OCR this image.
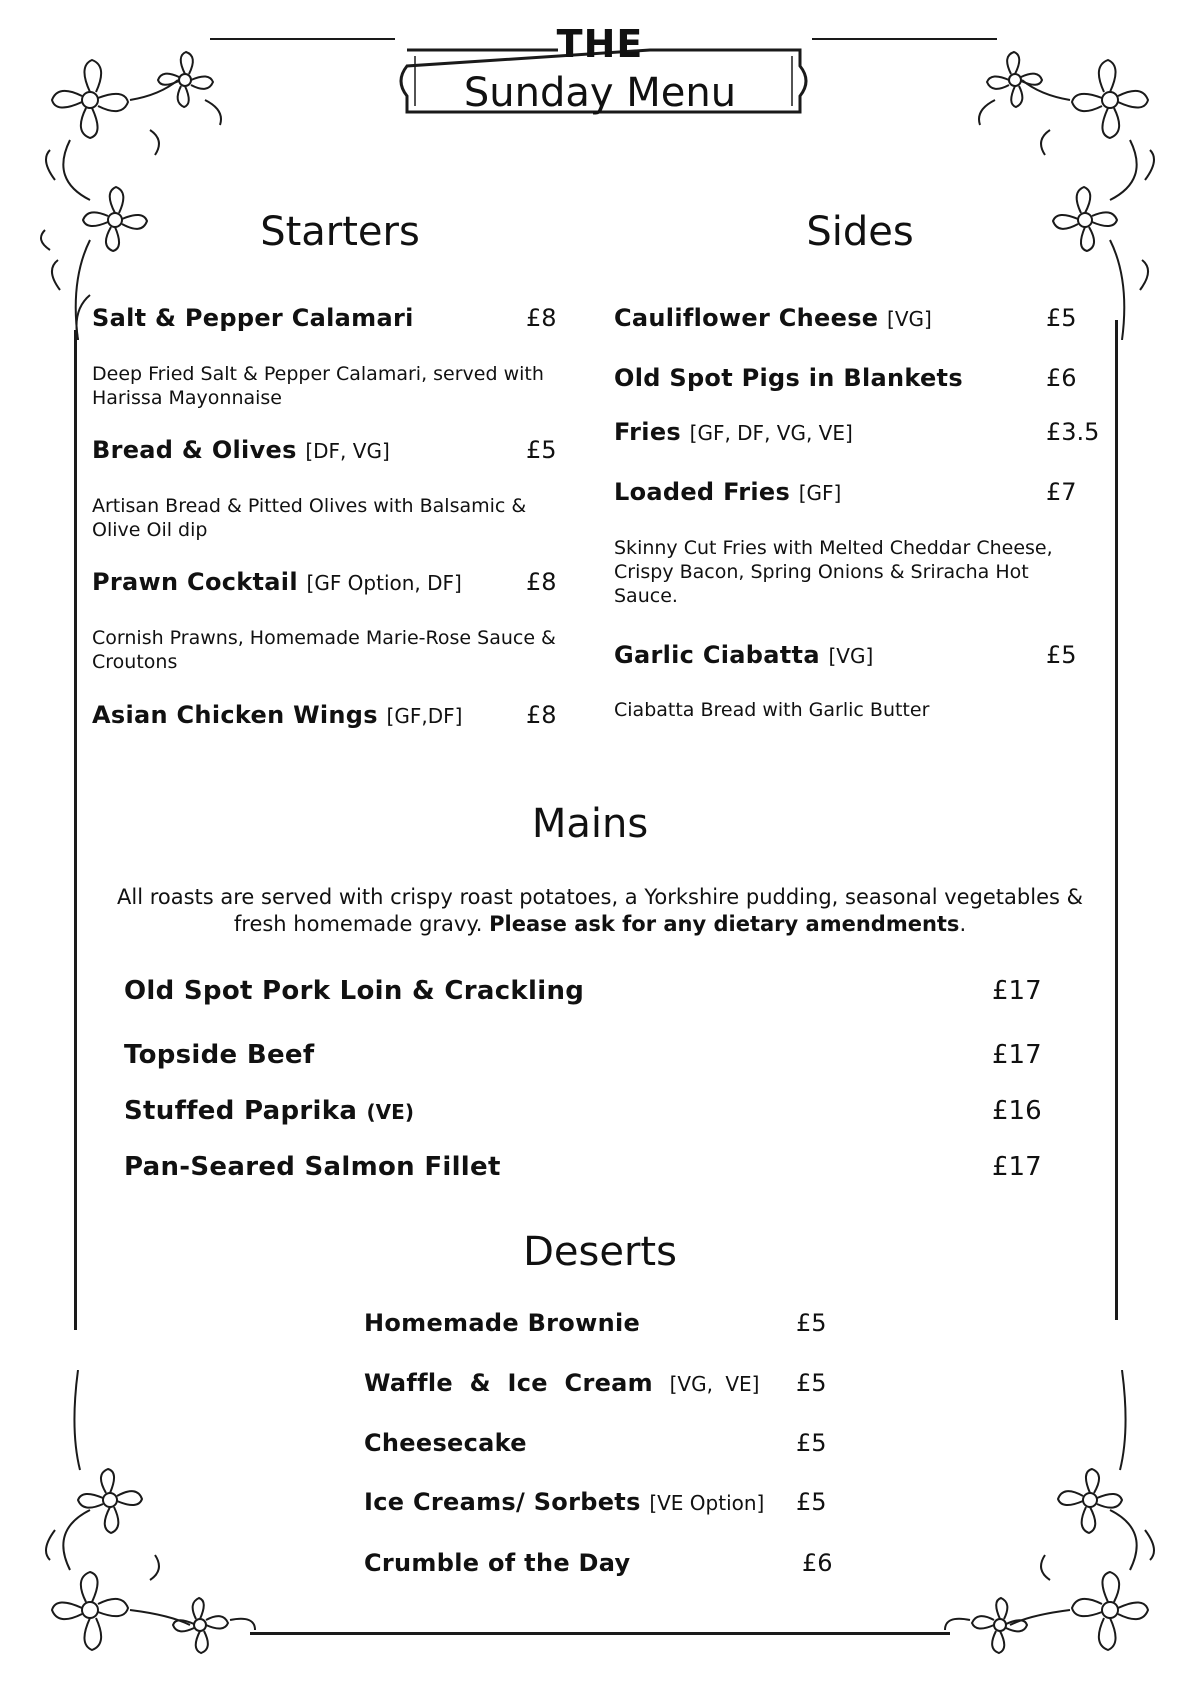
THE
Sunday Menu
Starters
Salt & Pepper Calamari	£8
Deep Fried Salt & Pepper Calamari, served with Harissa Mayonnaise
Bread & Olives [DF, VG]	£5
Artisan Bread & Pitted Olives with Balsamic & Olive Oil dip
Prawn Cocktail [GF Option, DF]	£8
Cornish Prawns, Homemade Marie-Rose Sauce & Croutons
Asian Chicken Wings [GF,DF]	£8
Sides
Cauliflower Cheese [VG]	£5
Old Spot Pigs in Blankets	£6
Fries [GF, DF, VG, VE]	£3.5
Loaded Fries [GF]	£7
Skinny Cut Fries with Melted Cheddar Cheese, Crispy Bacon, Spring Onions & Sriracha Hot Sauce.
Garlic Ciabatta [VG]	£5
Ciabatta Bread with Garlic Butter
Mains
All roasts are served with crispy roast potatoes, a Yorkshire pudding, seasonal vegetables & fresh homemade gravy. Please ask for any dietary amendments.
Old Spot Pork Loin & Crackling	£17
Topside Beef	£17
Stuffed Paprika (VE)	£16
Pan-Seared Salmon Fillet	£17
Deserts
Homemade Brownie	£5
Waffle & Ice Cream [VG, VE] £5
Cheesecake	£5
Ice Creams/ Sorbets [VE Option] £5
Crumble of the Day	£6
